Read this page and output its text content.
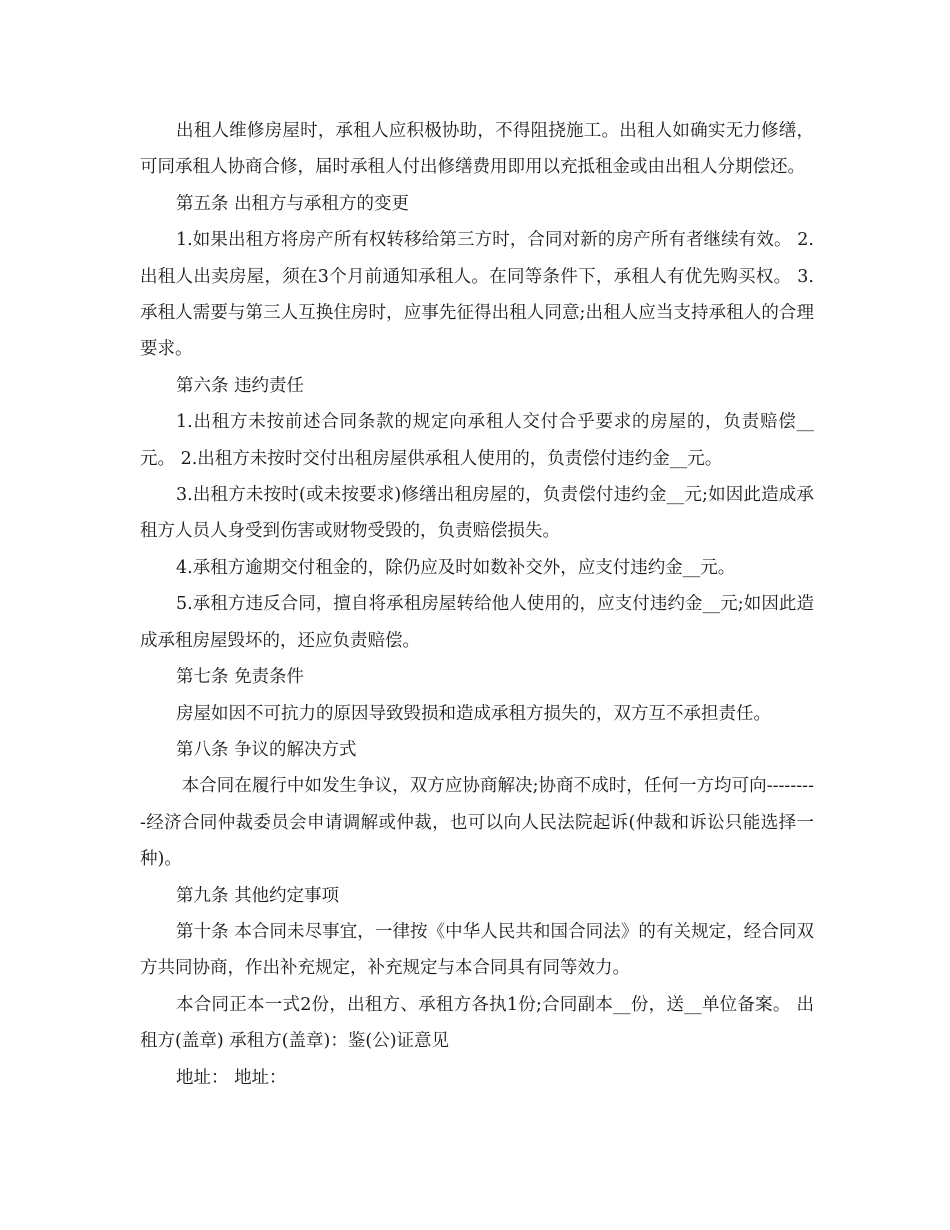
出租人维修房屋时，承租人应积极协助，不得阻挠施工。出租人如确实无力修缮，可同承租人协商合修，届时承租人付出修缮费用即用以充抵租金或由出租人分期偿还。

第五条 出租方与承租方的变更

1.如果出租方将房产所有权转移给第三方时，合同对新的房产所有者继续有效。 2.出租人出卖房屋，须在3个月前通知承租人。在同等条件下，承租人有优先购买权。 3.承租人需要与第三人互换住房时，应事先征得出租人同意;出租人应当支持承租人的合理要求。

第六条 违约责任

1.出租方未按前述合同条款的规定向承租人交付合乎要求的房屋的，负责赔偿__元。 2.出租方未按时交付出租房屋供承租人使用的，负责偿付违约金__元。

3.出租方未按时(或未按要求)修缮出租房屋的，负责偿付违约金__元;如因此造成承租方人员人身受到伤害或财物受毁的，负责赔偿损失。

4.承租方逾期交付租金的，除仍应及时如数补交外，应支付违约金__元。

5.承租方违反合同，擅自将承租房屋转给他人使用的，应支付违约金__元;如因此造成承租房屋毁坏的，还应负责赔偿。

第七条 免责条件

房屋如因不可抗力的原因导致毁损和造成承租方损失的，双方互不承担责任。

第八条 争议的解决方式

本合同在履行中如发生争议，双方应协商解决;协商不成时，任何一方均可向---------经济合同仲裁委员会申请调解或仲裁，也可以向人民法院起诉(仲裁和诉讼只能选择一种)。

第九条 其他约定事项

第十条 本合同未尽事宜，一律按《中华人民共和国合同法》的有关规定，经合同双方共同协商，作出补充规定，补充规定与本合同具有同等效力。

本合同正本一式2份，出租方、承租方各执1份;合同副本__份，送__单位备案。 出租方(盖章) 承租方(盖章)：鉴(公)证意见

地址： 地址：
